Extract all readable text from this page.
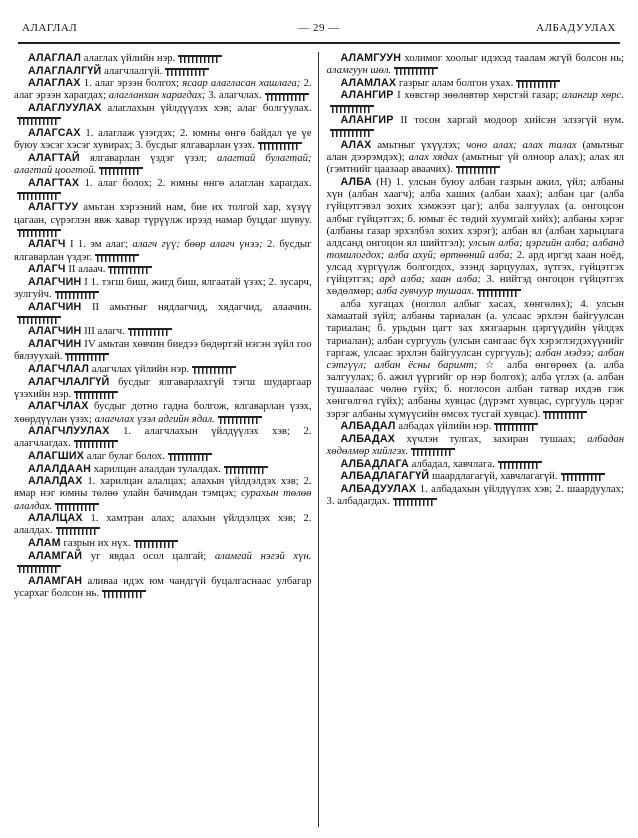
АЛАГЛАЛ	— 29 —	АЛБАДУУЛАХ

АЛАГЛАЛ алаглах үйлийн нэр.

АЛАГЛАЛГҮЙ алагчлалгүй.

АЛАГЛАХ 1. алаг эрээн болгох; ясаар алаглаcан хашлага; 2. алаг эрээн харагдах; алагланхан харагдах; 3. алагчлах.

АЛАГЛУУЛАХ алаглахын үйлдүүлэх хэв; алаг болгуулах.

АЛАГСАХ 1. алаглаж үзэгдэх; 2. юмны өнгө байдал үе үе буюу хэсэг хэсэг хувирах; 3. бусдыг ялгаварлан үзэх.

АЛАГТАЙ ялгаварлан үздэг үзэл; алагтай булагтай; алагтай цоогтой.

АЛАГТАХ 1. алаг болох; 2. юмны өнгө алаглан харагдах.

АЛАГТУУ амьтан хэрээний нам, бие их толгой хар, хүзүү цагаан, сүрэглэн явж хавар түрүүлж ирээд намар буцдаг шувуу.

АЛАГЧ I 1. эм алаг; алагч гүү; бөөр алагч үнээ; 2. бусдыг ялгаварлан үздэг.

АЛАГЧ II алаач.

АЛАГЧИН I 1. тэгш биш, жигд биш, ялгаатай үзэх; 2. зусарч, зулгуйч.

АЛАГЧИН II амьтныг нядлагчид, хядагчид, алаачин.

АЛАГЧИН III алагч.

АЛАГЧИН IV амьтан хөвчин биедээ бөдөртэй нэгэн зүйл гоо бялзуухай.

АЛАГЧЛАЛ алагчлах үйлийн нэр.

АЛАГЧЛАЛГҮЙ бусдыг ялгаварлахгүй тэгш шударгаар үзэхийн нэр.

АЛАГЧЛАХ бусдыг дотно гадна болгож, ялгаварлан үзэх, хөөрдүүлан үзэх; алагчлах үзэл адгийн ядал.

АЛАГЧЛУУЛАХ 1. алагчлахын үйлдүүлэх хэв; 2. алагчлагдах.

АЛАГШИХ алаг булаг болох.

АЛАЛДААН харилцан алалдан тулалдах.

АЛАЛДАХ 1. харилцан алалцах; алахын үйлдэлдэх хэв; 2. ямар нэг юмны төлөө улайн бачимдан тэмцэх; сурахын төлөө алалдах.

АЛАЛЦАХ 1. хамтран алах; алахын үйлдэлцэх хэв; 2. алалдах.

АЛАМ газрын их нүх.

АЛАМГАЙ уг явдал осол цалгай; аламгай нэгэй хүн.

АЛАМГАН аливаа идэх юм чандгүй буцалгаснаас улбагар усархаг болсон нь.

АЛАМГУУН холимог хоолыг идэхэд таалам жгүй болсон нь; аламгуун шөл.

АЛАМЛАХ газрыг алам болгон ухах.

АЛАНГИР I хөвсгөр зөөлөвтөр хөрстэй газар; алангир хөрс.

АЛАНГИР II тосон харгай модоор хийсэн элзэгүй нум.

АЛАХ амьтныг үхүүлэх; чоно алах; алах талах (амьтныг алан дээрэмдэх); алах хядах (амьтныг үй олноор алах); алах ял (гэмтнийг цаазаар аваачих).

АЛБА (Н) 1. улсын буюу албан газрын ажил, үйл; албаны хүн (албан хаагч); алба хаших (албан хаах); албан цаг (алба гүйцэтгэвэл зохих хэмжээт цаг); алба залгуулах (а. онгоцсон албыг гүйцэтгэх; б. юмыг ёс төдий хуумгай хийх); албаны хэрэг (албаны газар эрхэлбэл зохих хэрэг); албан ял (албан харьцлага алдсанд онгоцон ял шийтгэл); улсын алба; цэргийн алба; албанд томилогдох; алба ахуй; өртөөний алба; 2. ард иргэд хаан ноёд, улсад хүргүүлж болгогдох, эзэнд зарцуулах, зүтгэх, гүйцэтгэх гүйцэтгэх; ард алба; хаан алба; 3. нийтэд онгоцон гүйцэтгэх хөдөлмөр; алба гувчуур тушаах.

алба хугацах (ноглол албыг хасах, хөнгөлөх); 4. улсын хамаатай зүйл; албаны тариалан (а. улсааc эрхлэн байгуулсан тариалан; б. урьдын цагт заx хязгаарын цэргүүдийн үйлдэх тариалан); албан сургууль (улсын сангаас бүх хэрэглэгдэхүүнийг гаргаж, улсааc эрхлэн байгуулсан сургууль); албан мэдээ; албан сэтгүүл; албан ёсны баримт; ☆ алба өнгөрөөх (а. алба залгуулах; б. ажил үүргийг ор нэр болгох); алба үглэх (а. албан тушаалаас чөлөө гуйх; б. ноглосон албан татвар ихдэв гэж хөнгөлгөл гүйх); албаны хувцас (дүрэмт хувцас, сургууль цэрэг зэрэг албаны хүмүүсийн өмсөх тусгай хувцас).

АЛБАДАЛ албадах үйлийн нэр.

АЛБАДАХ хүчлэн тулгах, захиран тушаах; албадан хөдөлмөр хийлгэх.

АЛБАДЛАГА албадал, хавчлага.

АЛБАДЛАГАГҮЙ шаардлагагүй, хавчлагагүй.

АЛБАДУУЛАХ 1. албадахын үйлдүүлэх хэв; 2. шаардуулах; 3. албадагдах.
